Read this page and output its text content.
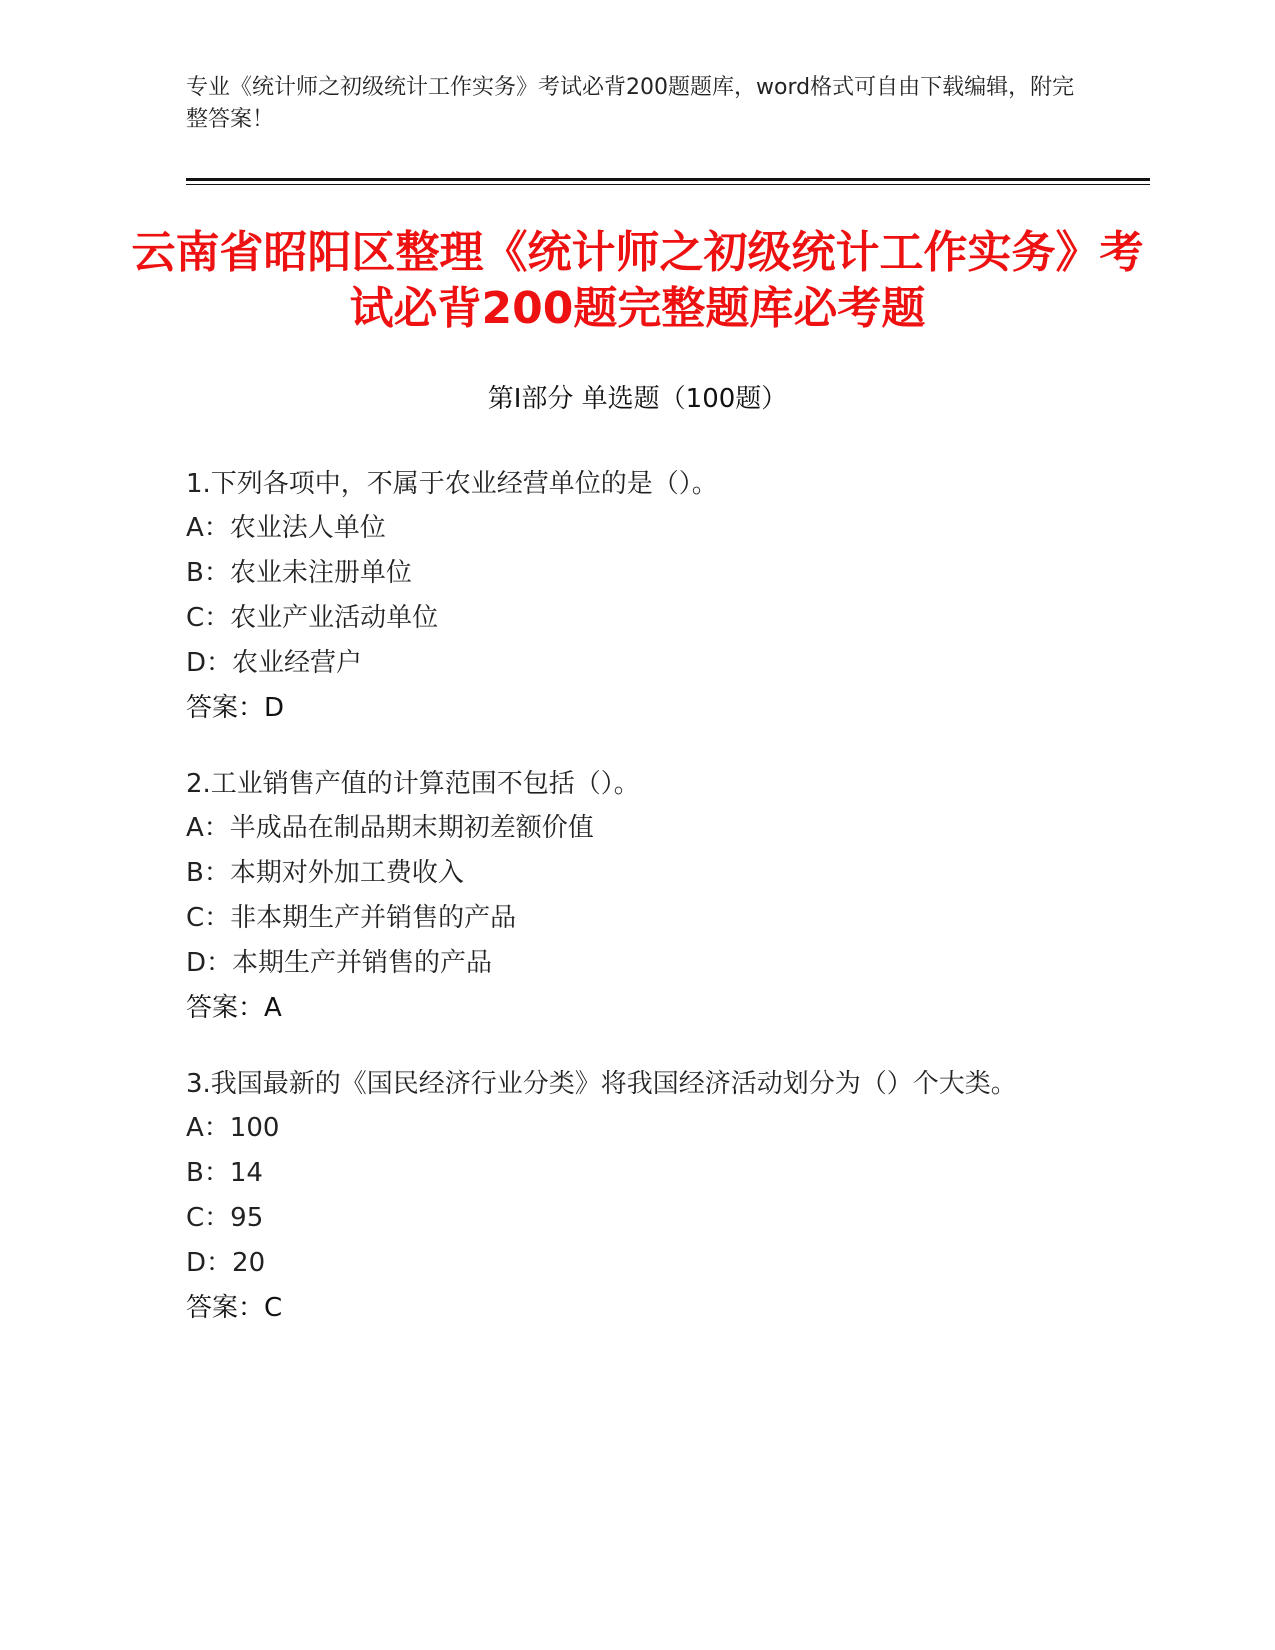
专业《统计师之初级统计工作实务》考试必背200题题库，word格式可自由下载编辑，附完整答案！
云南省昭阳区整理《统计师之初级统计工作实务》考试必背200题完整题库必考题
第Ⅰ部分 单选题（100题）
1.下列各项中，不属于农业经营单位的是（）。
A：农业法人单位
B：农业未注册单位
C：农业产业活动单位
D：农业经营户
答案：D
2.工业销售产值的计算范围不包括（）。
A：半成品在制品期末期初差额价值
B：本期对外加工费收入
C：非本期生产并销售的产品
D：本期生产并销售的产品
答案：A
3.我国最新的《国民经济行业分类》将我国经济活动划分为（）个大类。
A：100
B：14
C：95
D：20
答案：C
